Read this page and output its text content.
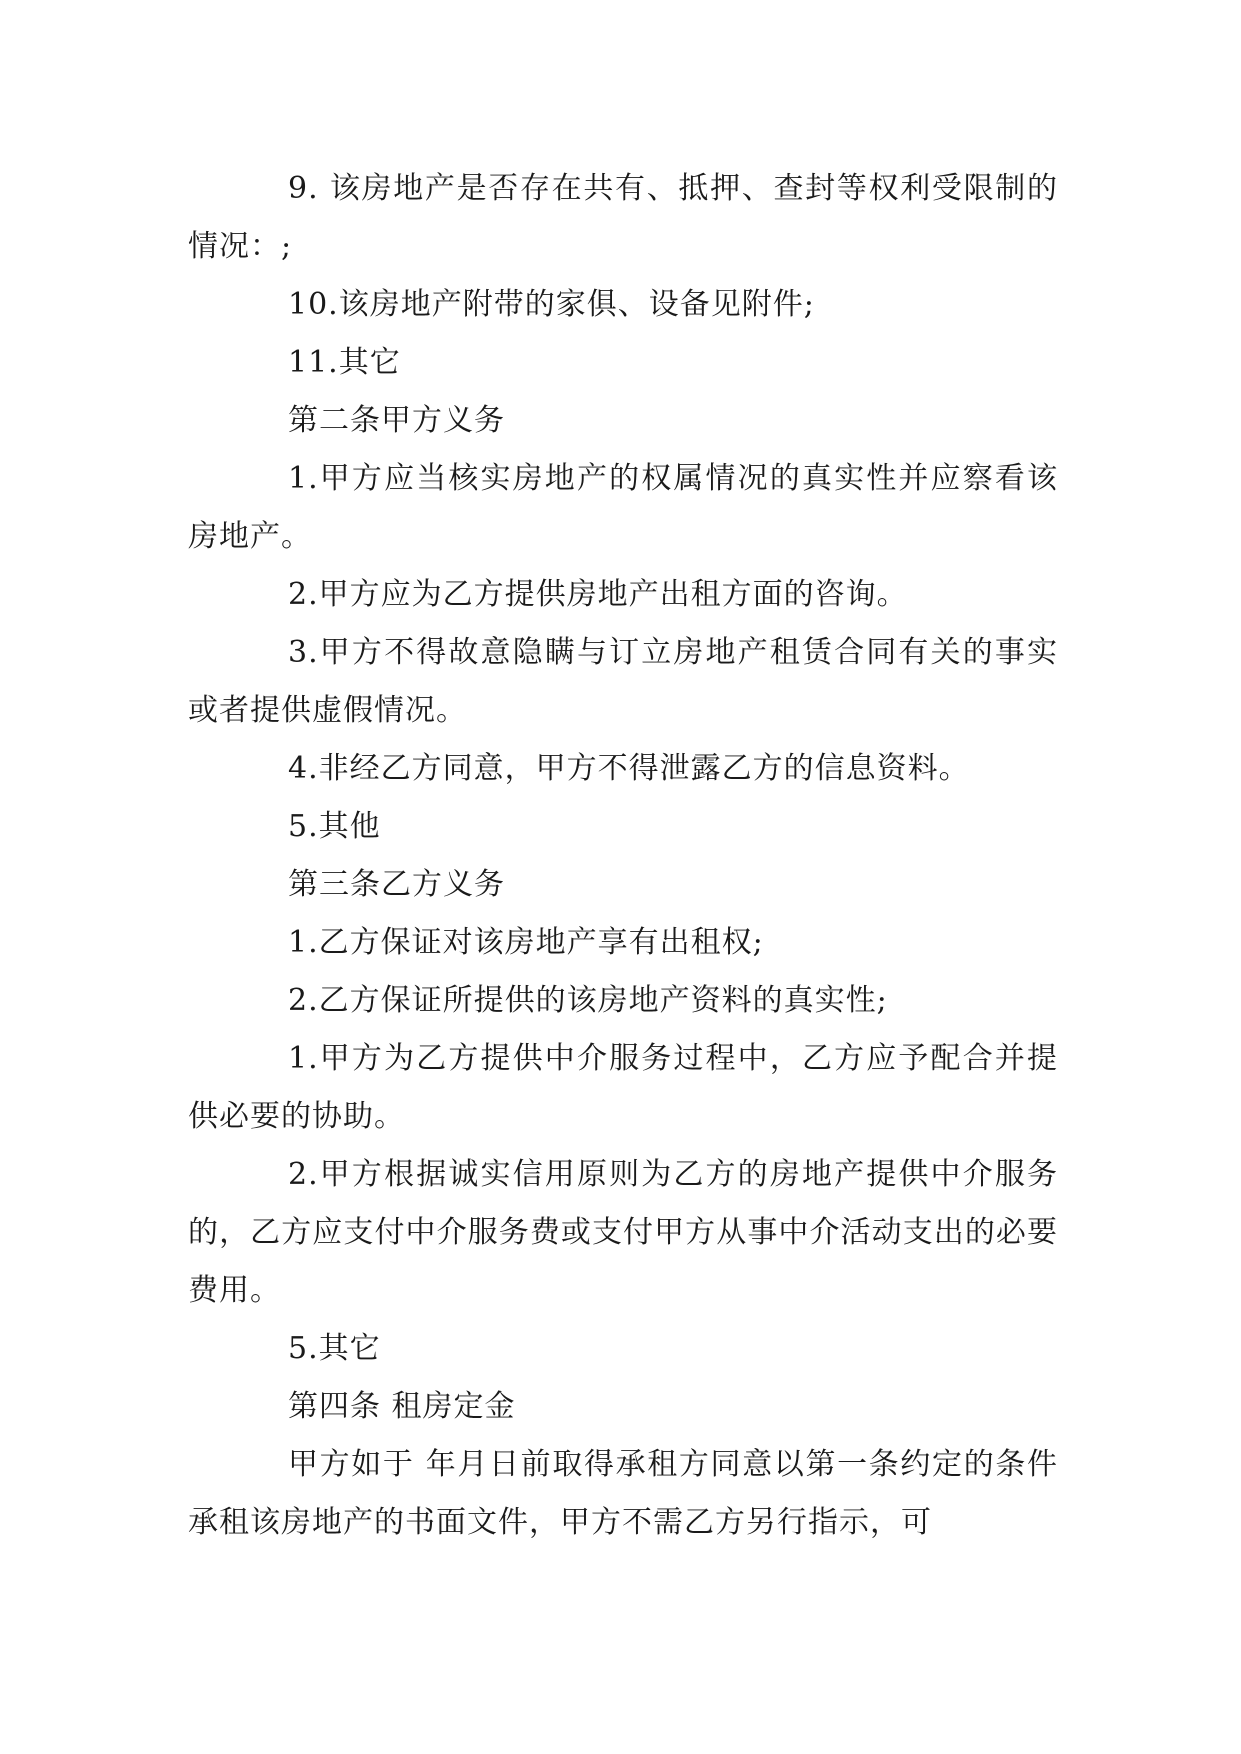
9. 该房地产是否存在共有、抵押、查封等权利受限制的情况：;

10.该房地产附带的家俱、设备见附件;

11.其它

第二条甲方义务

1.甲方应当核实房地产的权属情况的真实性并应察看该房地产。

2.甲方应为乙方提供房地产出租方面的咨询。

3.甲方不得故意隐瞒与订立房地产租赁合同有关的事实或者提供虚假情况。

4.非经乙方同意，甲方不得泄露乙方的信息资料。

5.其他

第三条乙方义务

1.乙方保证对该房地产享有出租权;

2.乙方保证所提供的该房地产资料的真实性;

1.甲方为乙方提供中介服务过程中，乙方应予配合并提供必要的协助。

2.甲方根据诚实信用原则为乙方的房地产提供中介服务的，乙方应支付中介服务费或支付甲方从事中介活动支出的必要费用。

5.其它

第四条 租房定金

甲方如于 年月日前取得承租方同意以第一条约定的条件承租该房地产的书面文件，甲方不需乙方另行指示，可
